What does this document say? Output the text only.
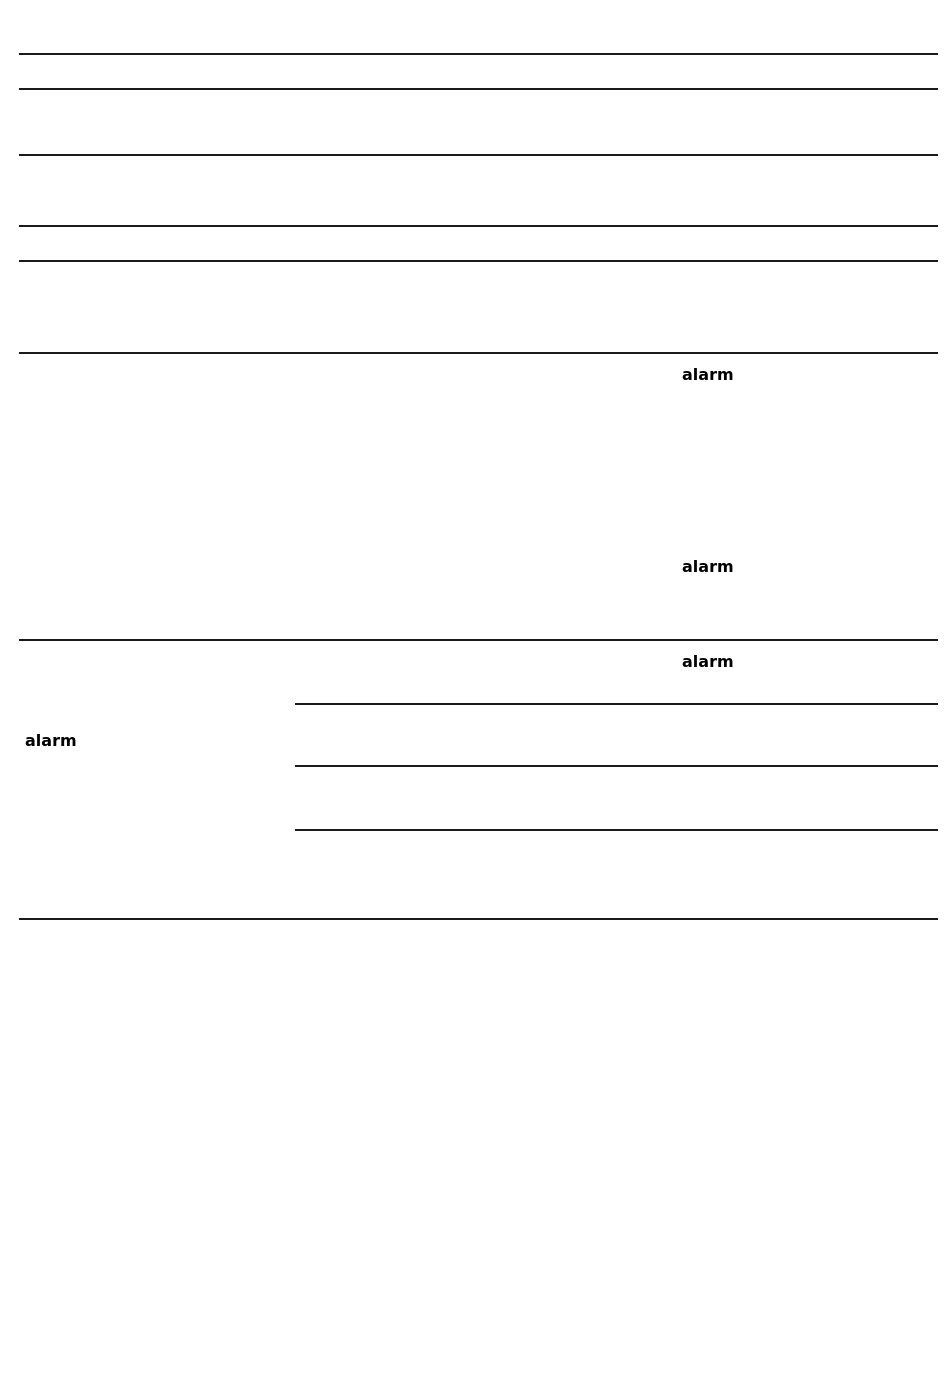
alarm
alarm
alarm
alarm
